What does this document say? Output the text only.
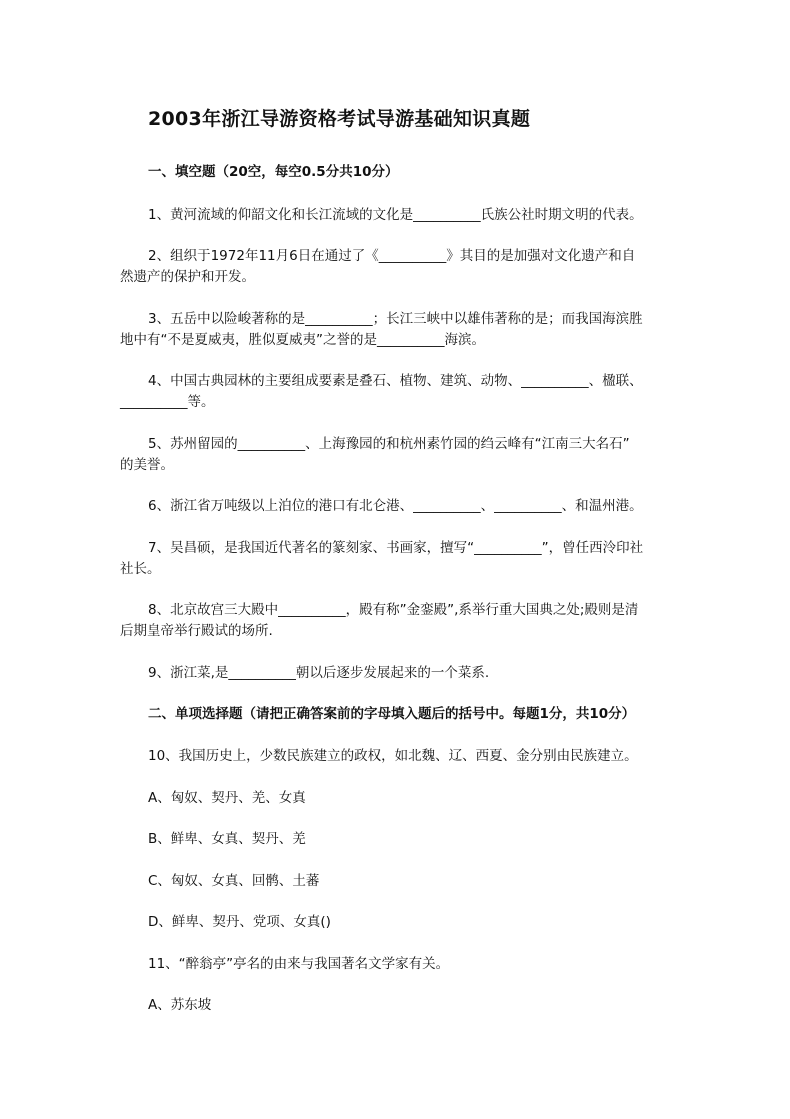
2003年浙江导游资格考试导游基础知识真题
一、填空题（20空，每空0.5分共10分）
1、黄河流域的仰韶文化和长江流域的文化是__________氏族公社时期文明的代表。
2、组织于1972年11月6日在通过了《__________》其目的是加强对文化遗产和自
然遗产的保护和开发。
3、五岳中以险峻著称的是__________；长江三峡中以雄伟著称的是；而我国海滨胜
地中有“不是夏威夷，胜似夏威夷”之誉的是__________海滨。
4、中国古典园林的主要组成要素是叠石、植物、建筑、动物、__________、楹联、
__________等。
5、苏州留园的__________、上海豫园的和杭州素竹园的绉云峰有“江南三大名石”
的美誉。
6、浙江省万吨级以上泊位的港口有北仑港、__________、__________、和温州港。
7、吴昌硕，是我国近代著名的篆刻家、书画家，擅写“__________”，曾任西泠印社
社长。
8、北京故宫三大殿中__________，殿有称”金銮殿”,系举行重大国典之处;殿则是清
后期皇帝举行殿试的场所.
9、浙江菜,是__________朝以后逐步发展起来的一个菜系.
二、单项选择题（请把正确答案前的字母填入题后的括号中。每题1分，共10分）
10、我国历史上，少数民族建立的政权，如北魏、辽、西夏、金分别由民族建立。
A、匈奴、契丹、羌、女真
B、鲜卑、女真、契丹、羌
C、匈奴、女真、回鹘、土蕃
D、鲜卑、契丹、党项、女真()
11、“醉翁亭”亭名的由来与我国著名文学家有关。
A、苏东坡
